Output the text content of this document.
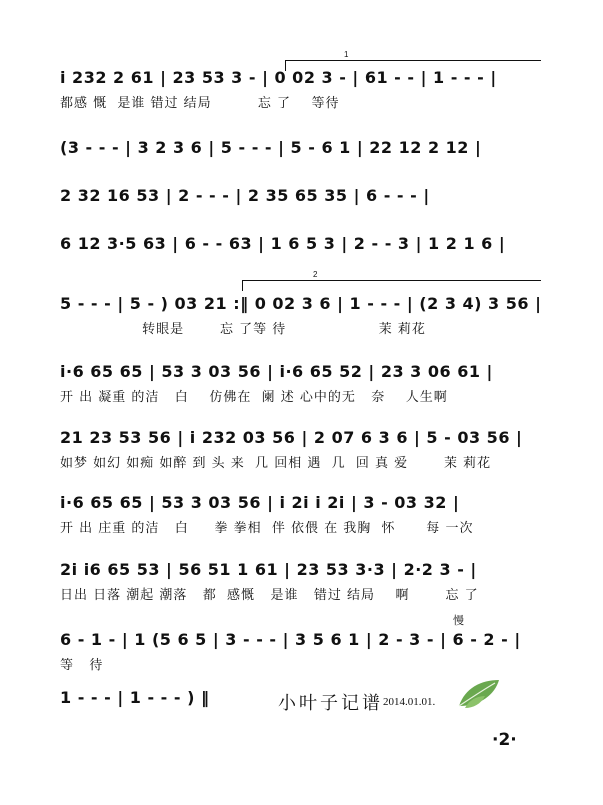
1
i 232 2 61 | 23 53 3 - | 0 02 3 - | 61 - - | 1 - - - |
都感 慨  是谁 错过 结局         忘 了    等待
(3 - - - | 3 2 3 6 | 5 - - - | 5 - 6 1 | 22 12 2 12 |
2 32 16 53 | 2 - - - | 2 35 65 35 | 6 - - - |
6 12 3·5 63 | 6 - - 63 | 1 6 5 3 | 2 - - 3 | 1 2 1 6 |
2
5 - - - | 5 - ) 03 21 :‖ 0 02 3 6 | 1 - - - | (2 3 4) 3 56 |
转眼是       忘 了等 待                  茉 莉花
i·6 65 65 | 53 3 03 56 | i·6 65 52 | 23 3 06 61 |
开 出 凝重 的洁   白    仿佛在  阑 述 心中的无   奈    人生啊
21 23 53 56 | i 232 03 56 | 2 07 6 3 6 | 5 - 03 56 |
如梦 如幻 如痴 如醉 到 头 来  几 回相 遇  几  回 真 爱       茉 莉花
i·6 65 65 | 53 3 03 56 | i 2i i 2i | 3 - 03 32 |
开 出 庄重 的洁   白     拳 拳相  伴 依偎 在 我胸  怀      每 一次
2i i6 65 53 | 56 51 1 61 | 23 53 3·3 | 2·2 3 - |
日出 日落 潮起 潮落   都  感慨   是谁   错过 结局    啊       忘 了
慢
6 - 1 - | 1 (5 6 5 | 3 - - - | 3 5 6 1 | 2 - 3 - | 6 - 2 - |
等   待
1 - - - | 1 - - - ) ‖	小叶子记谱 2014.01.01.
·2·
